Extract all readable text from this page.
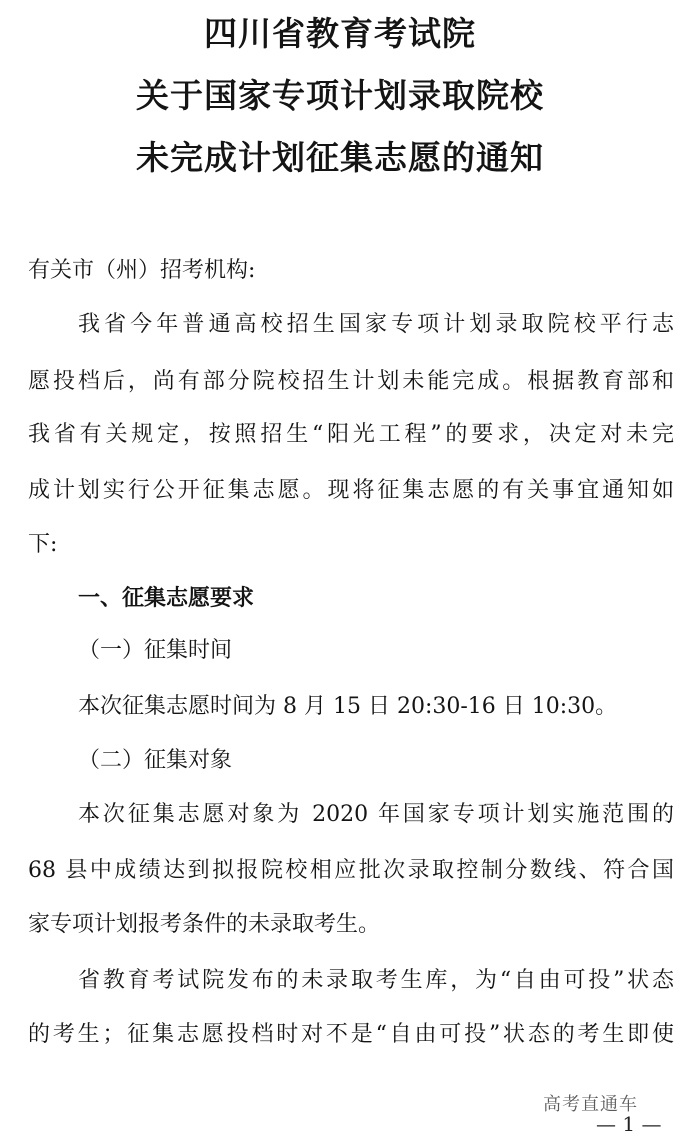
四川省教育考试院
关于国家专项计划录取院校
未完成计划征集志愿的通知
有关市（州）招考机构:
我省今年普通高校招生国家专项计划录取院校平行志
愿投档后，尚有部分院校招生计划未能完成。根据教育部和
我省有关规定，按照招生“阳光工程”的要求，决定对未完
成计划实行公开征集志愿。现将征集志愿的有关事宜通知如
下:
一、征集志愿要求
（一）征集时间
本次征集志愿时间为 8 月 15 日 20:30-16 日 10:30。
（二）征集对象
本次征集志愿对象为 2020 年国家专项计划实施范围的
68 县中成绩达到拟报院校相应批次录取控制分数线、符合国
家专项计划报考条件的未录取考生。
省教育考试院发布的未录取考生库，为“自由可投”状态
的考生；征集志愿投档时对不是“自由可投”状态的考生即使
高考直通车
— 1 —
